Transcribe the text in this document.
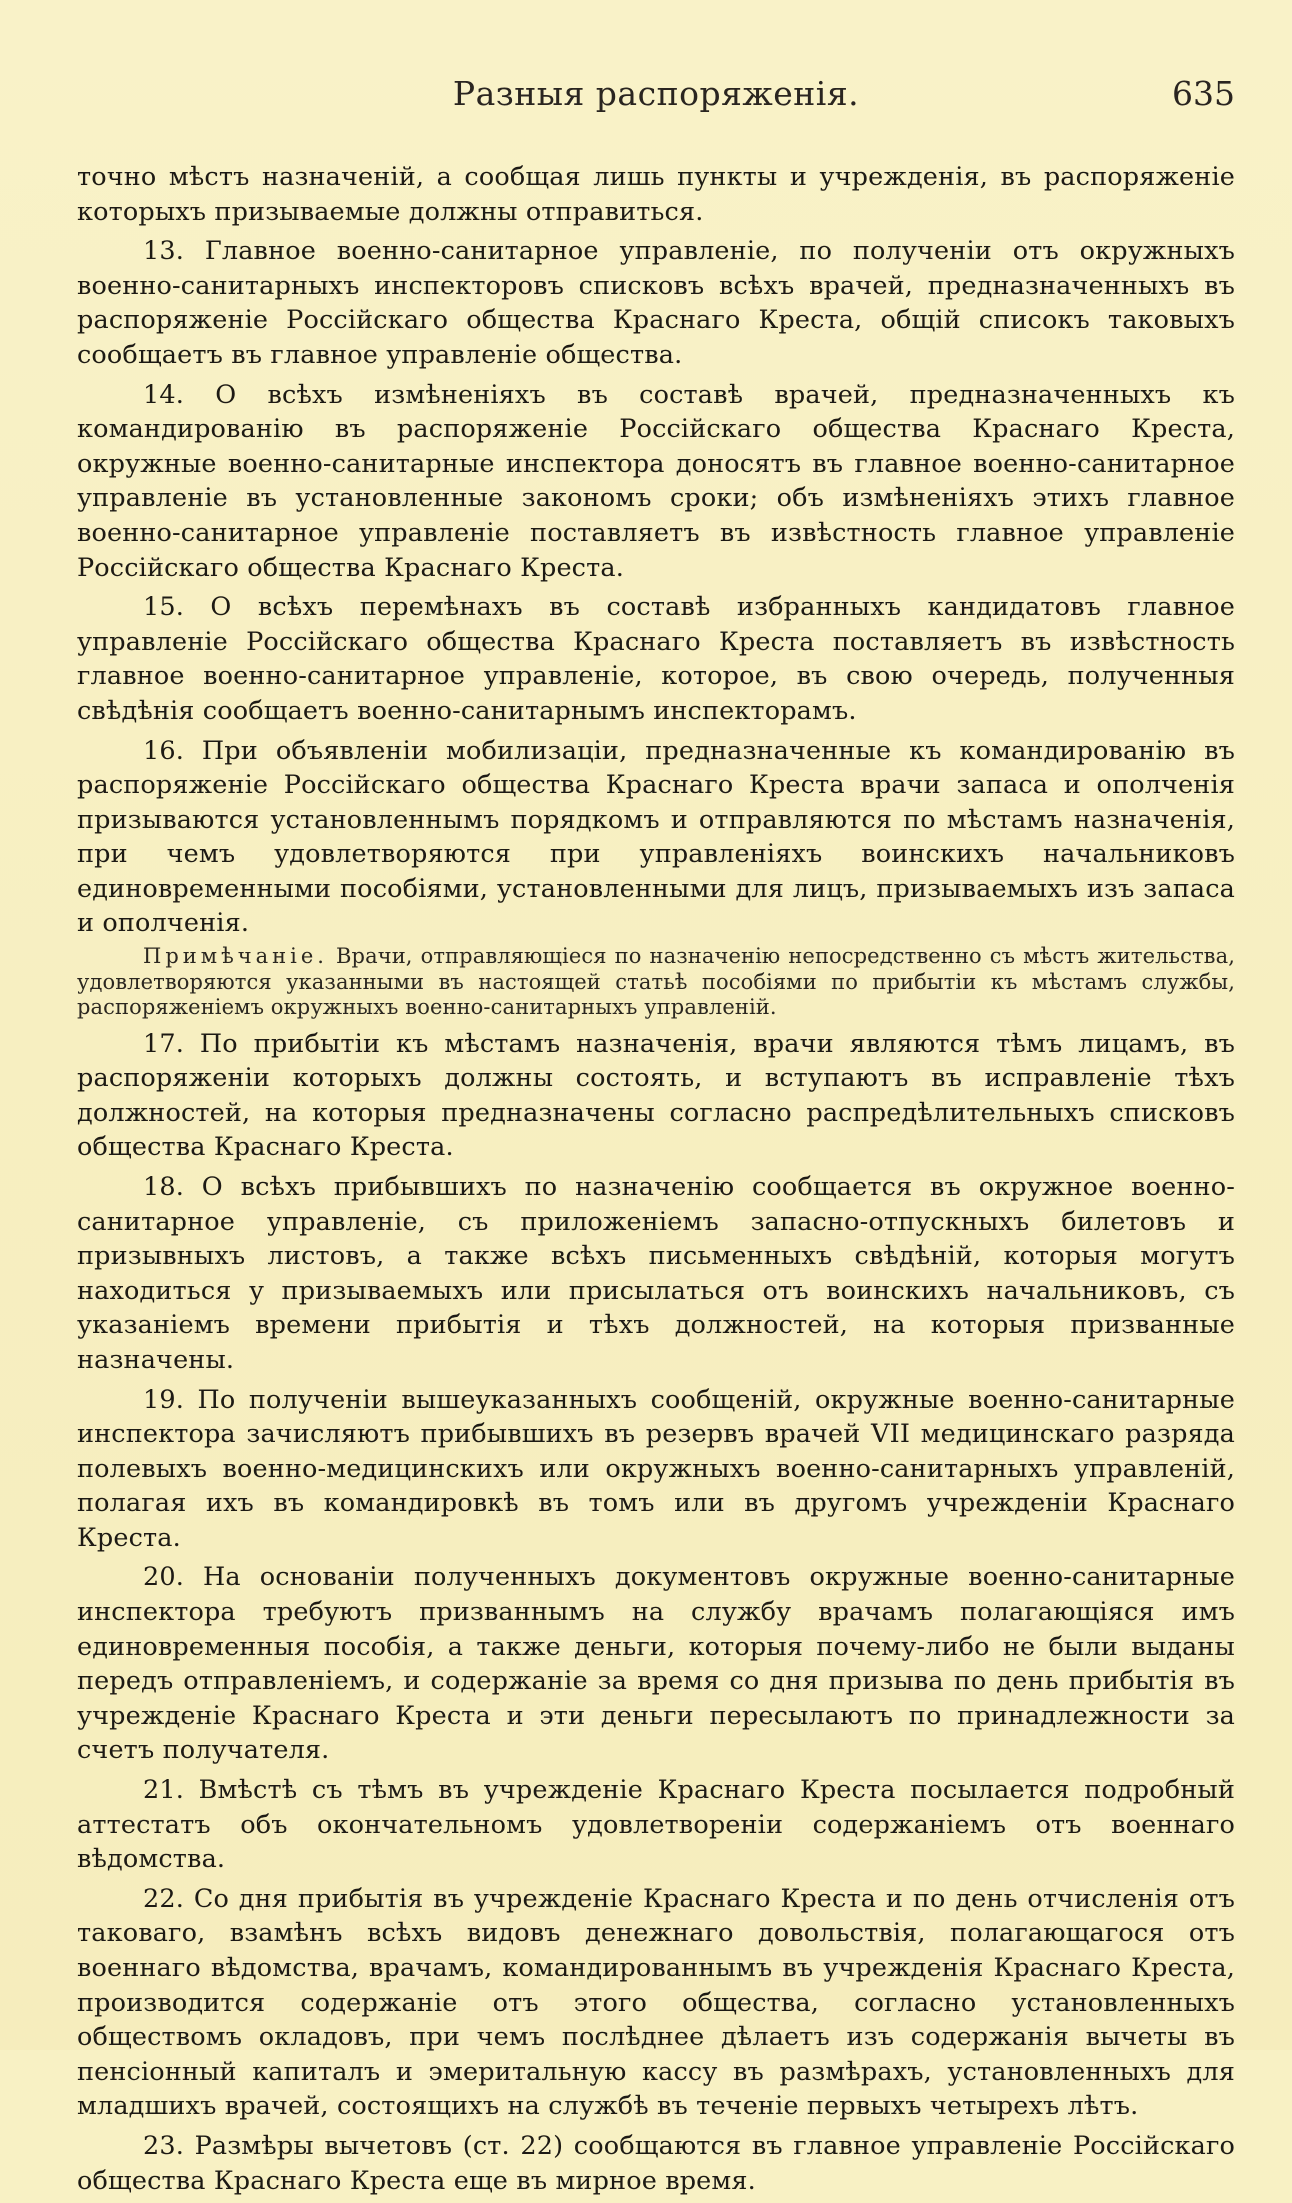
Разныя распоряженія.	635

точно мѣстъ назначеній, а сообщая лишь пункты и учрежденія, въ распоряженіе которыхъ призываемые должны отправиться.

13. Главное военно-санитарное управленіе, по полученіи отъ окружныхъ военно-санитарныхъ инспекторовъ списковъ всѣхъ врачей, предназначенныхъ въ распоряженіе Россійскаго общества Краснаго Креста, общій списокъ таковыхъ сообщаетъ въ главное управленіе общества.

14. О всѣхъ измѣненіяхъ въ составѣ врачей, предназначенныхъ къ командированію въ распоряженіе Россійскаго общества Краснаго Креста, окружные военно-санитарные инспектора доносятъ въ главное военно-санитарное управленіе въ установленные закономъ сроки; объ измѣненіяхъ этихъ главное военно-санитарное управленіе поставляетъ въ извѣстность главное управленіе Россійскаго общества Краснаго Креста.

15. О всѣхъ перемѣнахъ въ составѣ избранныхъ кандидатовъ главное управленіе Россійскаго общества Краснаго Креста поставляетъ въ извѣстность главное военно-санитарное управленіе, которое, въ свою очередь, полученныя свѣдѣнія сообщаетъ военно-санитарнымъ инспекторамъ.

16. При объявленіи мобилизаціи, предназначенные къ командированію въ распоряженіе Россійскаго общества Краснаго Креста врачи запаса и ополченія призываются установленнымъ порядкомъ и отправляются по мѣстамъ назначенія, при чемъ удовлетворяются при управленіяхъ воинскихъ начальниковъ единовременными пособіями, установленными для лицъ, призываемыхъ изъ запаса и ополченія.

Примѣчаніе. Врачи, отправляющіеся по назначенію непосредственно съ мѣстъ жительства, удовлетворяются указанными въ настоящей статьѣ пособіями по прибытіи къ мѣстамъ службы, распоряженіемъ окружныхъ военно-санитарныхъ управленій.

17. По прибытіи къ мѣстамъ назначенія, врачи являются тѣмъ лицамъ, въ распоряженіи которыхъ должны состоять, и вступаютъ въ исправленіе тѣхъ должностей, на которыя предназначены согласно распредѣлительныхъ списковъ общества Краснаго Креста.

18. О всѣхъ прибывшихъ по назначенію сообщается въ окружное военно-санитарное управленіе, съ приложеніемъ запасно-отпускныхъ билетовъ и призывныхъ листовъ, а также всѣхъ письменныхъ свѣдѣній, которыя могутъ находиться у призываемыхъ или присылаться отъ воинскихъ начальниковъ, съ указаніемъ времени прибытія и тѣхъ должностей, на которыя призванные назначены.

19. По полученіи вышеуказанныхъ сообщеній, окружные военно-санитарные инспектора зачисляютъ прибывшихъ въ резервъ врачей VII медицинскаго разряда полевыхъ военно-медицинскихъ или окружныхъ военно-санитарныхъ управленій, полагая ихъ въ командировкѣ въ томъ или въ другомъ учрежденіи Краснаго Креста.

20. На основаніи полученныхъ документовъ окружные военно-санитарные инспектора требуютъ призваннымъ на службу врачамъ полагающіяся имъ единовременныя пособія, а также деньги, которыя почему-либо не были выданы передъ отправленіемъ, и содержаніе за время со дня призыва по день прибытія въ учрежденіе Краснаго Креста и эти деньги пересылаютъ по принадлежности за счетъ получателя.

21. Вмѣстѣ съ тѣмъ въ учрежденіе Краснаго Креста посылается подробный аттестатъ объ окончательномъ удовлетвореніи содержаніемъ отъ военнаго вѣдомства.

22. Со дня прибытія въ учрежденіе Краснаго Креста и по день отчисленія отъ таковаго, взамѣнъ всѣхъ видовъ денежнаго довольствія, полагающагося отъ военнаго вѣдомства, врачамъ, командированнымъ въ учрежденія Краснаго Креста, производится содержаніе отъ этого общества, согласно установленныхъ обществомъ окладовъ, при чемъ послѣднее дѣлаетъ изъ содержанія вычеты въ пенсіонный капиталъ и эмеритальную кассу въ размѣрахъ, установленныхъ для младшихъ врачей, состоящихъ на службѣ въ теченіе первыхъ четырехъ лѣтъ.

23. Размѣры вычетовъ (ст. 22) сообщаются въ главное управленіе Россійскаго общества Краснаго Креста еще въ мирное время.
